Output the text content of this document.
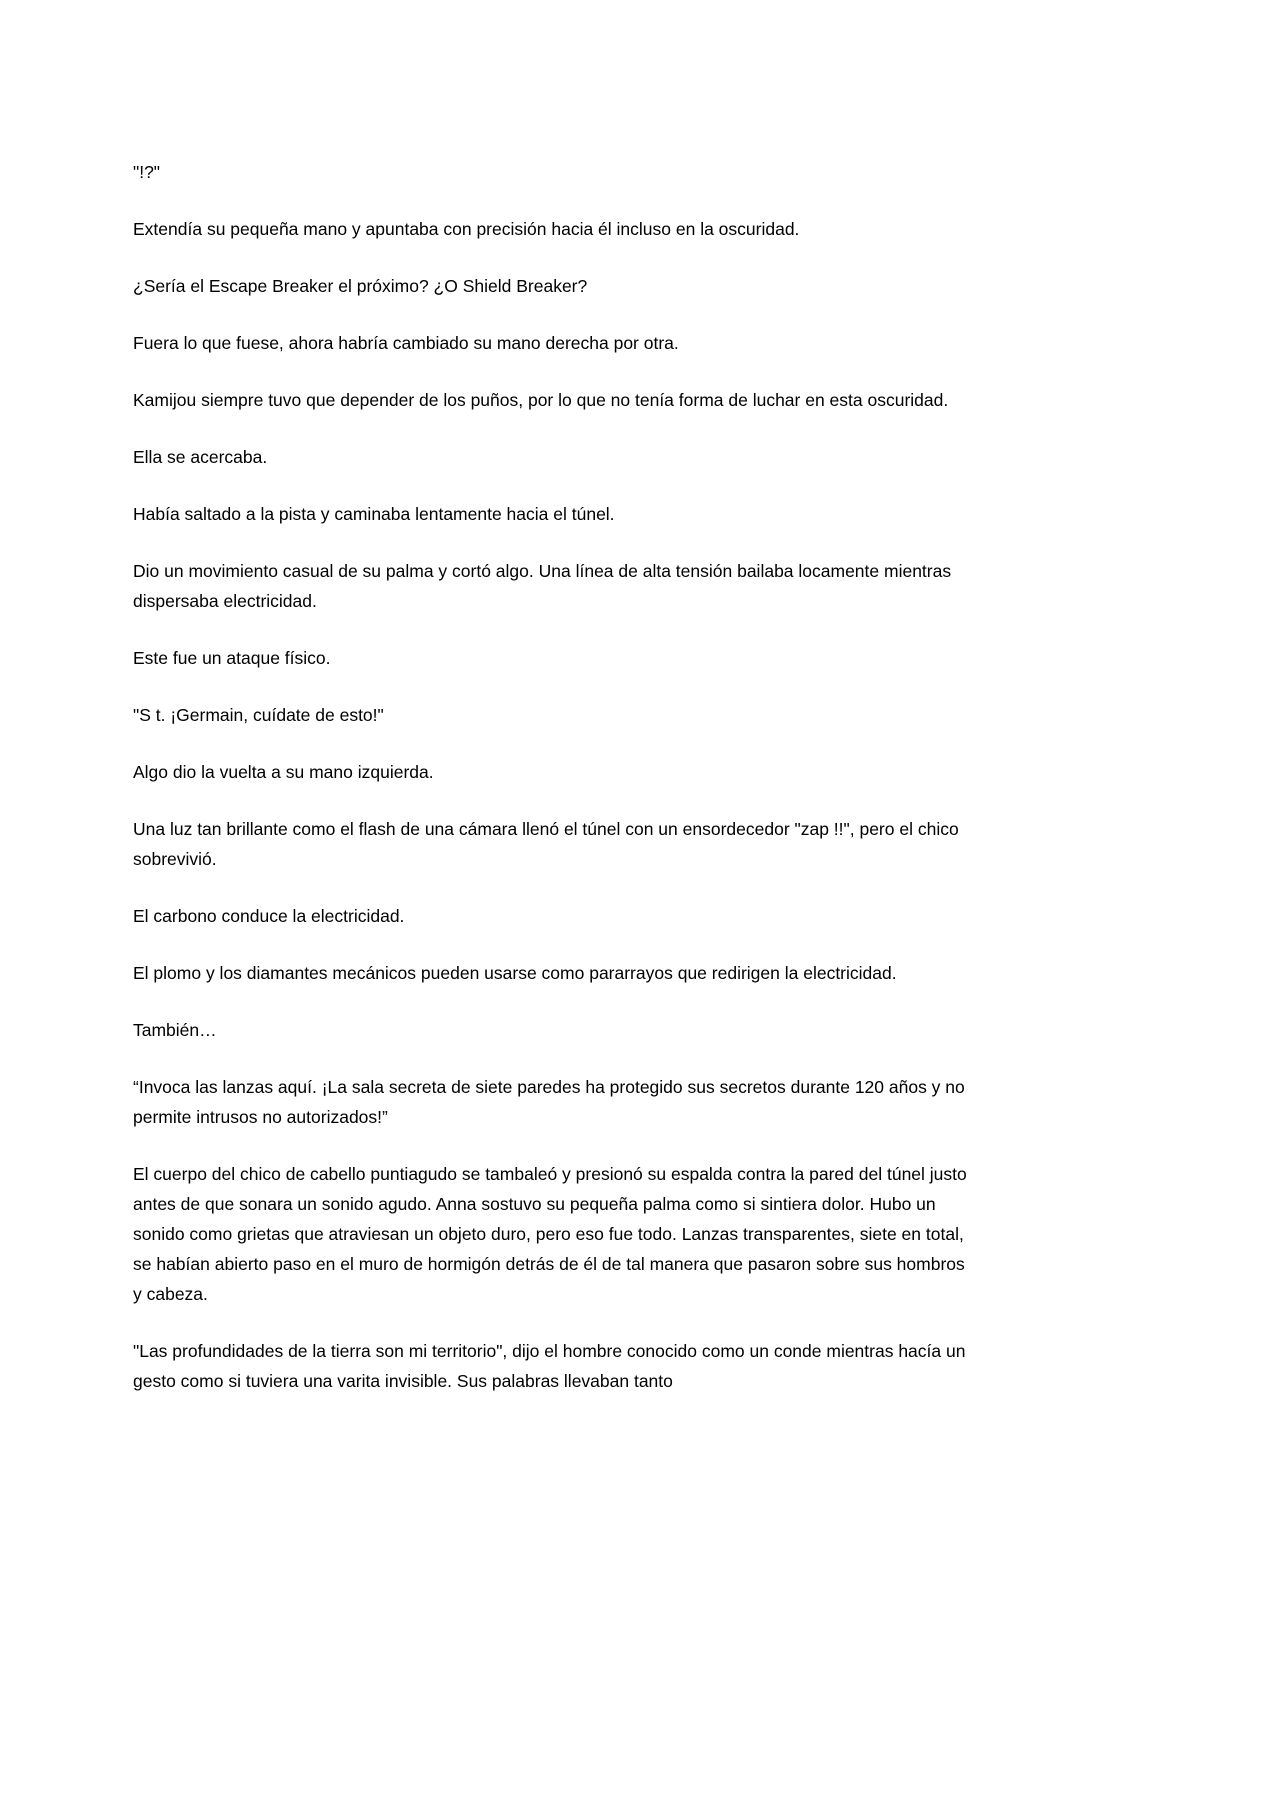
"!?"

Extendía su pequeña mano y apuntaba con precisión hacia él incluso en la oscuridad.

¿Sería el Escape Breaker el próximo? ¿O Shield Breaker?

Fuera lo que fuese, ahora habría cambiado su mano derecha por otra.

Kamijou siempre tuvo que depender de los puños, por lo que no tenía forma de luchar en esta oscuridad.

Ella se acercaba.

Había saltado a la pista y caminaba lentamente hacia el túnel.

Dio un movimiento casual de su palma y cortó algo. Una línea de alta tensión bailaba locamente mientras dispersaba electricidad.

Este fue un ataque físico.

"S t. ¡Germain, cuídate de esto!"

Algo dio la vuelta a su mano izquierda.

Una luz tan brillante como el flash de una cámara llenó el túnel con un ensordecedor "zap !!", pero el chico sobrevivió.

El carbono conduce la electricidad.

El plomo y los diamantes mecánicos pueden usarse como pararrayos que redirigen la electricidad.

También…

“Invoca las lanzas aquí. ¡La sala secreta de siete paredes ha protegido sus secretos durante 120 años y no permite intrusos no autorizados!”

El cuerpo del chico de cabello puntiagudo se tambaleó y presionó su espalda contra la pared del túnel justo antes de que sonara un sonido agudo. Anna sostuvo su pequeña palma como si sintiera dolor. Hubo un sonido como grietas que atraviesan un objeto duro, pero eso fue todo. Lanzas transparentes, siete en total, se habían abierto paso en el muro de hormigón detrás de él de tal manera que pasaron sobre sus hombros y cabeza.

"Las profundidades de la tierra son mi territorio", dijo el hombre conocido como un conde mientras hacía un gesto como si tuviera una varita invisible. Sus palabras llevaban tanto
